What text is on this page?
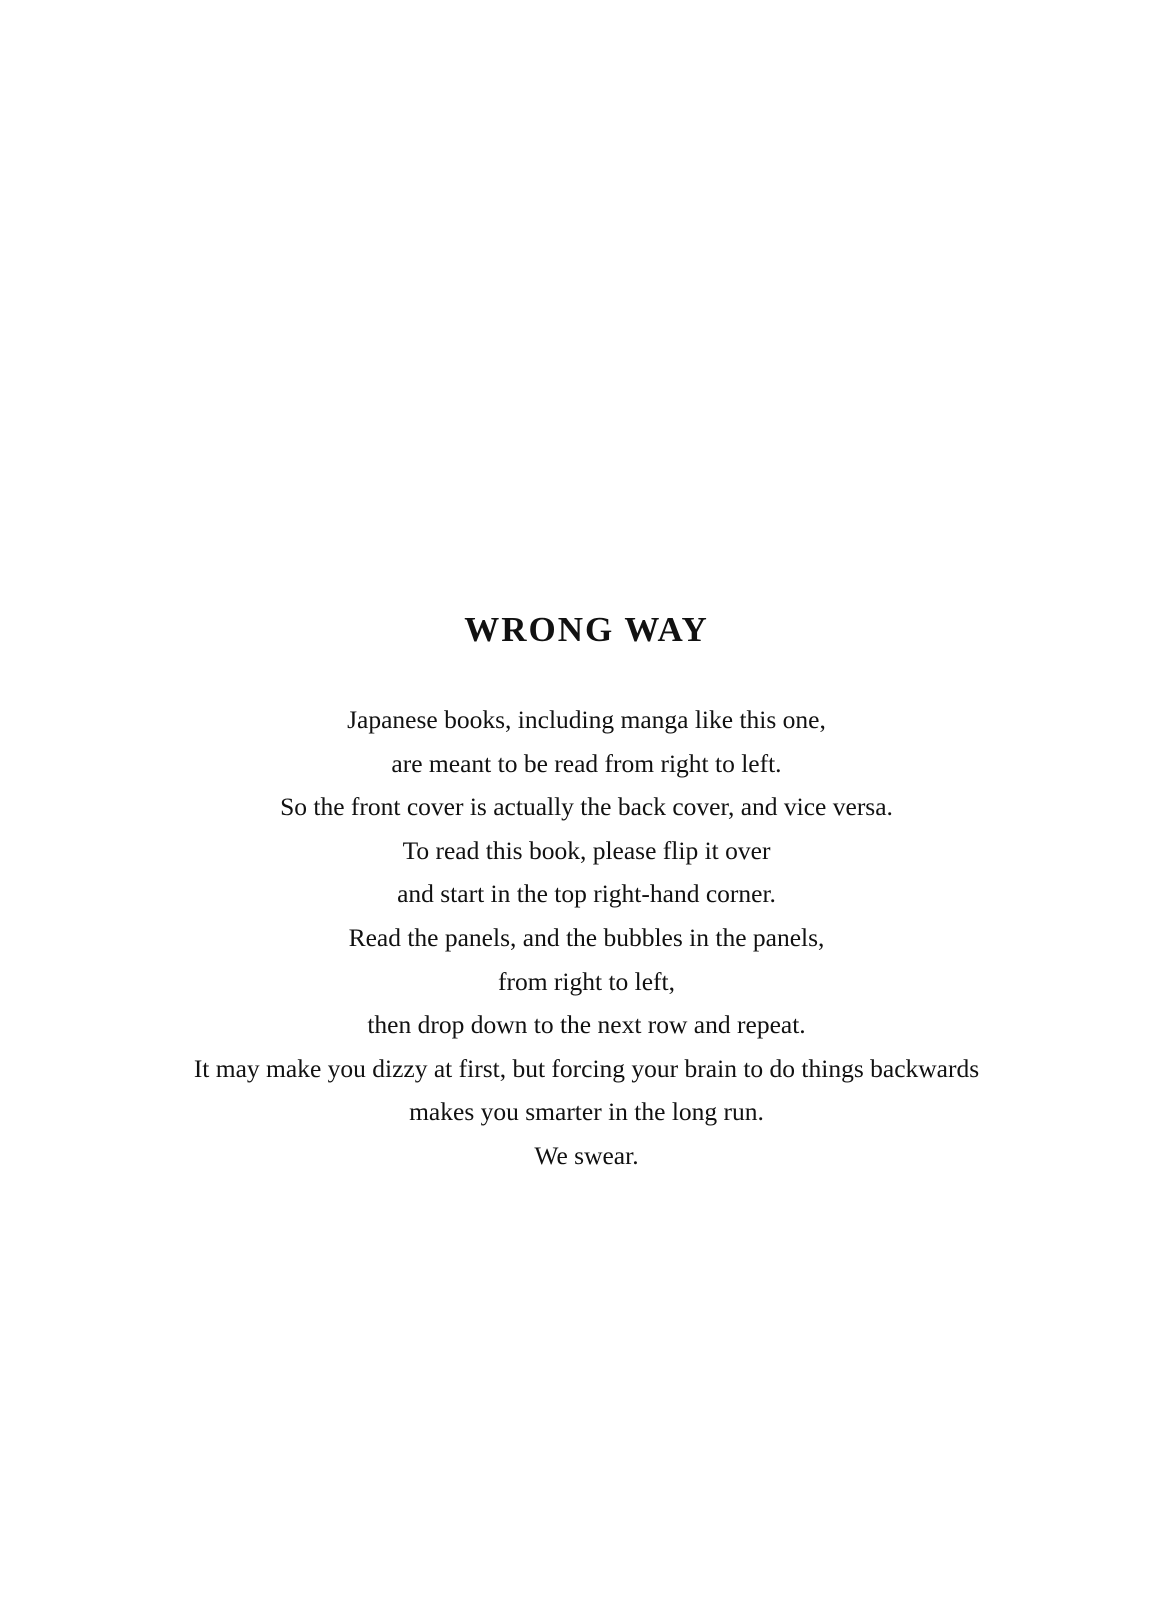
WRONG WAY
Japanese books, including manga like this one,
are meant to be read from right to left.
So the front cover is actually the back cover, and vice versa.
To read this book, please flip it over
and start in the top right-hand corner.
Read the panels, and the bubbles in the panels,
from right to left,
then drop down to the next row and repeat.
It may make you dizzy at first, but forcing your brain to do things backwards
makes you smarter in the long run.
We swear.
